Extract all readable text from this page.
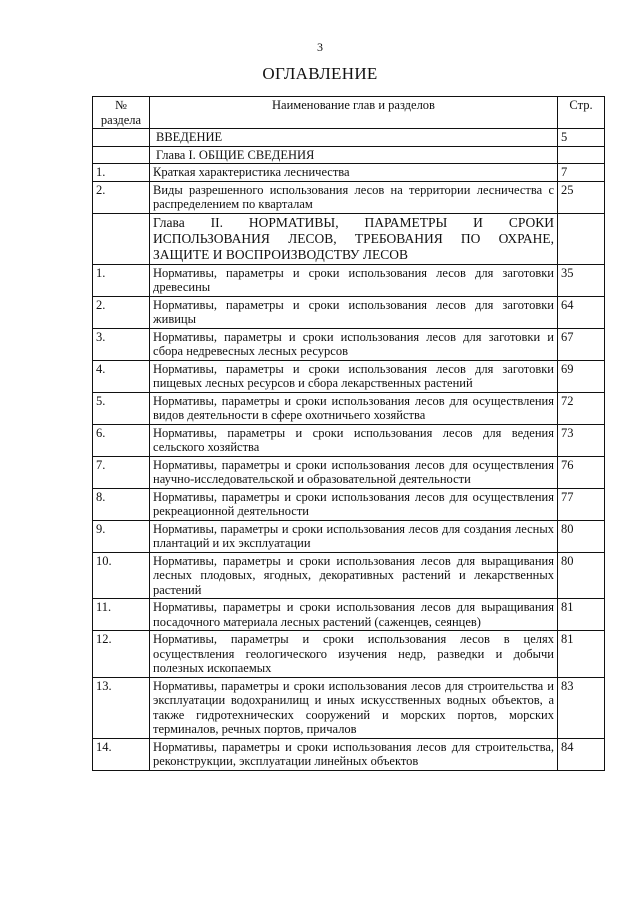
3
ОГЛАВЛЕНИЕ
№ раздела	Наименование глав и разделов	Стр.
	ВВЕДЕНИЕ	5
	Глава I. ОБЩИЕ СВЕДЕНИЯ	
1.	Краткая характеристика лесничества	7
2.	Виды разрешенного использования лесов на территории лесничества с распределением по кварталам	25
	Глава II. НОРМАТИВЫ, ПАРАМЕТРЫ И СРОКИ ИСПОЛЬЗОВАНИЯ ЛЕСОВ, ТРЕБОВАНИЯ ПО ОХРАНЕ, ЗАЩИТЕ И ВОСПРОИЗВОДСТВУ ЛЕСОВ	
1.	Нормативы, параметры и сроки использования лесов для заготовки древесины	35
2.	Нормативы, параметры и сроки использования лесов для заготовки живицы	64
3.	Нормативы, параметры и сроки использования лесов для заготовки и сбора недревесных лесных ресурсов	67
4.	Нормативы, параметры и сроки использования лесов для заготовки пищевых лесных ресурсов и сбора лекарственных растений	69
5.	Нормативы, параметры и сроки использования лесов для осуществления видов деятельности в сфере охотничьего хозяйства	72
6.	Нормативы, параметры и сроки использования лесов для ведения сельского хозяйства	73
7.	Нормативы, параметры и сроки использования лесов для осуществления научно-исследовательской и образовательной деятельности	76
8.	Нормативы, параметры и сроки использования лесов для осуществления рекреационной деятельности	77
9.	Нормативы, параметры и сроки использования лесов для создания лесных плантаций и их эксплуатации	80
10.	Нормативы, параметры и сроки использования лесов для выращивания лесных плодовых, ягодных, декоративных растений и лекарственных растений	80
11.	Нормативы, параметры и сроки использования лесов для выращивания посадочного материала лесных растений (саженцев, сеянцев)	81
12.	Нормативы, параметры и сроки использования лесов в целях осуществления геологического изучения недр, разведки и добычи полезных ископаемых	81
13.	Нормативы, параметры и сроки использования лесов для строительства и эксплуатации водохранилищ и иных искусственных водных объектов, а также гидротехнических сооружений и морских портов, морских терминалов, речных портов, причалов	83
14.	Нормативы, параметры и сроки использования лесов для строительства, реконструкции, эксплуатации линейных объектов	84
